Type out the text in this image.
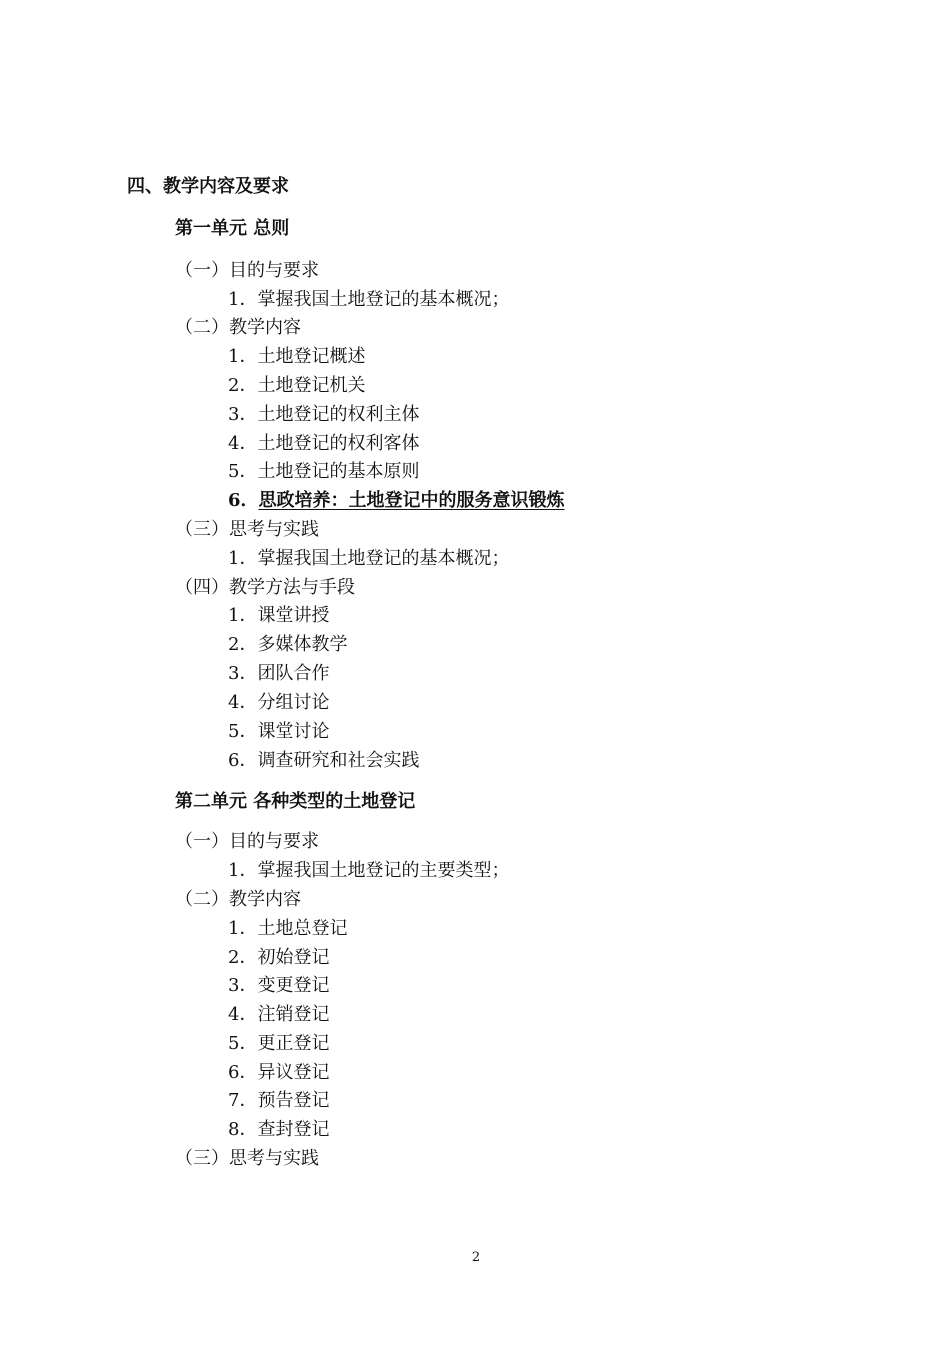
四、教学内容及要求
第一单元 总则
（一）目的与要求
1．掌握我国土地登记的基本概况；
（二）教学内容
1．土地登记概述
2．土地登记机关
3．土地登记的权利主体
4．土地登记的权利客体
5．土地登记的基本原则
6．思政培养：土地登记中的服务意识锻炼
（三）思考与实践
1．掌握我国土地登记的基本概况；
（四）教学方法与手段
1．课堂讲授
2．多媒体教学
3．团队合作
4．分组讨论
5．课堂讨论
6．调查研究和社会实践
第二单元 各种类型的土地登记
（一）目的与要求
1．掌握我国土地登记的主要类型；
（二）教学内容
1．土地总登记
2．初始登记
3．变更登记
4．注销登记
5．更正登记
6．异议登记
7．预告登记
8．查封登记
（三）思考与实践
2
